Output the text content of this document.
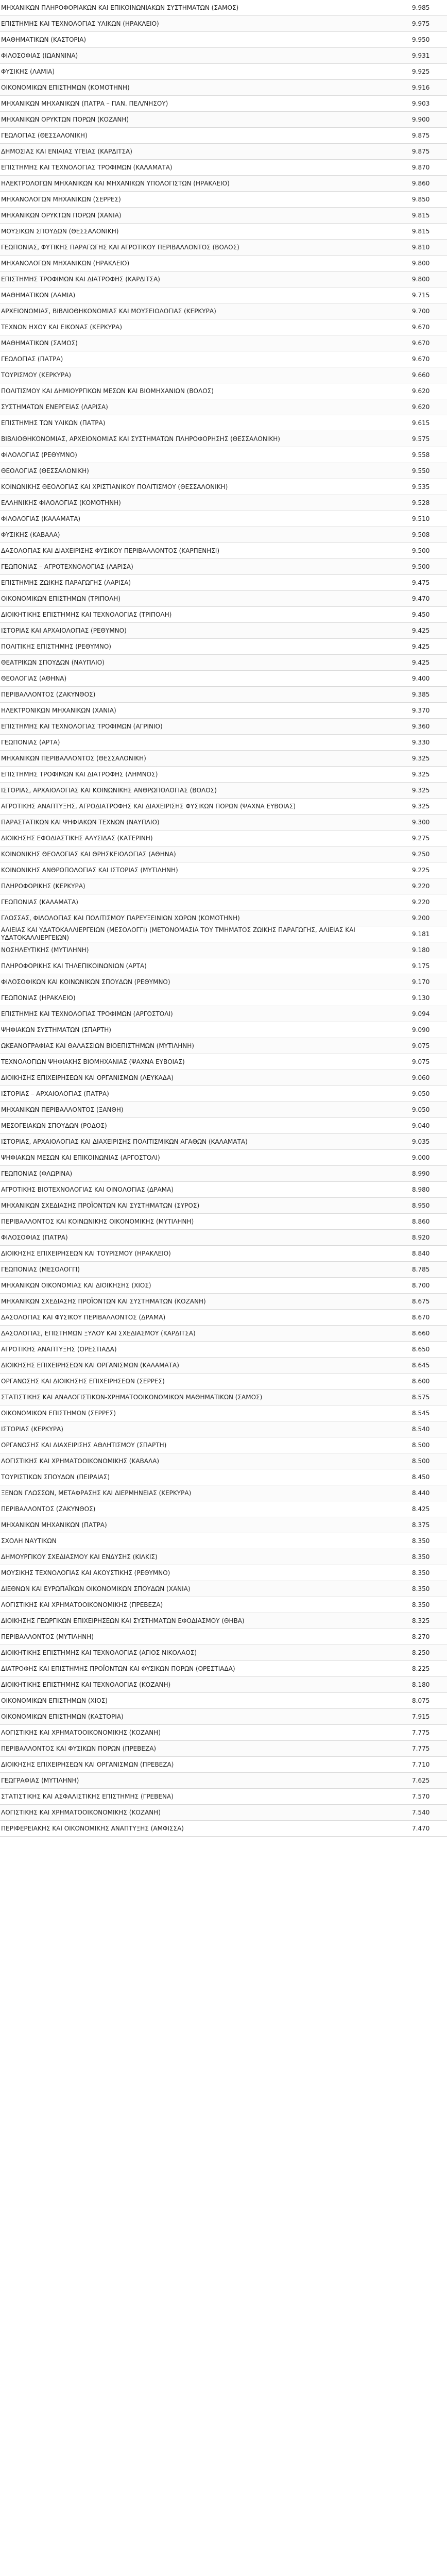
ΜΗΧΑΝΙΚΩΝ ΠΛΗΡΟΦΟΡΙΑΚΩΝ ΚΑΙ ΕΠΙΚΟΙΝΩΝΙΑΚΩΝ ΣΥΣΤΗΜΑΤΩΝ (ΣΑΜΟΣ)	9.985
ΕΠΙΣΤΗΜΗΣ ΚΑΙ ΤΕΧΝΟΛΟΓΙΑΣ ΥΛΙΚΩΝ (ΗΡΑΚΛΕΙΟ)	9.975
ΜΑΘΗΜΑΤΙΚΩΝ (ΚΑΣΤΟΡΙΑ)	9.950
ΦΙΛΟΣΟΦΙΑΣ (ΙΩΑΝΝΙΝΑ)	9.931
ΦΥΣΙΚΗΣ (ΛΑΜΙΑ)	9.925
ΟΙΚΟΝΟΜΙΚΩΝ ΕΠΙΣΤΗΜΩΝ (ΚΟΜΟΤΗΝΗ)	9.916
ΜΗΧΑΝΙΚΩΝ ΜΗΧΑΝΙΚΩΝ (ΠΑΤΡΑ – ΠΑΝ. ΠΕΛ/ΝΗΣΟΥ)	9.903
ΜΗΧΑΝΙΚΩΝ ΟΡΥΚΤΩΝ ΠΟΡΩΝ (ΚΟΖΑΝΗ)	9.900
ΓΕΩΛΟΓΙΑΣ (ΘΕΣΣΑΛΟΝΙΚΗ)	9.875
ΔΗΜΟΣΙΑΣ ΚΑΙ ΕΝΙΑΙΑΣ ΥΓΕΙΑΣ (ΚΑΡΔΙΤΣΑ)	9.875
ΕΠΙΣΤΗΜΗΣ ΚΑΙ ΤΕΧΝΟΛΟΓΙΑΣ ΤΡΟΦΙΜΩΝ (ΚΑΛΑΜΑΤΑ)	9.870
ΗΛΕΚΤΡΟΛΟΓΩΝ ΜΗΧΑΝΙΚΩΝ ΚΑΙ ΜΗΧΑΝΙΚΩΝ ΥΠΟΛΟΓΙΣΤΩΝ (ΗΡΑΚΛΕΙΟ)	9.860
ΜΗΧΑΝΟΛΟΓΩΝ ΜΗΧΑΝΙΚΩΝ (ΣΕΡΡΕΣ)	9.850
ΜΗΧΑΝΙΚΩΝ ΟΡΥΚΤΩΝ ΠΟΡΩΝ (ΧΑΝΙΑ)	9.815
ΜΟΥΣΙΚΩΝ ΣΠΟΥΔΩΝ (ΘΕΣΣΑΛΟΝΙΚΗ)	9.815
ΓΕΩΠΟΝΙΑΣ, ΦΥΤΙΚΗΣ ΠΑΡΑΓΩΓΗΣ ΚΑΙ ΑΓΡΟΤΙΚΟΥ ΠΕΡΙΒΑΛΛΟΝΤΟΣ (ΒΟΛΟΣ)	9.810
ΜΗΧΑΝΟΛΟΓΩΝ ΜΗΧΑΝΙΚΩΝ (ΗΡΑΚΛΕΙΟ)	9.800
ΕΠΙΣΤΗΜΗΣ ΤΡΟΦΙΜΩΝ ΚΑΙ ΔΙΑΤΡΟΦΗΣ (ΚΑΡΔΙΤΣΑ)	9.800
ΜΑΘΗΜΑΤΙΚΩΝ (ΛΑΜΙΑ)	9.715
ΑΡΧΕΙΟΝΟΜΙΑΣ, ΒΙΒΛΙΟΘΗΚΟΝΟΜΙΑΣ ΚΑΙ ΜΟΥΣΕΙΟΛΟΓΙΑΣ (ΚΕΡΚΥΡΑ)	9.700
ΤΕΧΝΩΝ ΗΧΟΥ ΚΑΙ ΕΙΚΟΝΑΣ (ΚΕΡΚΥΡΑ)	9.670
ΜΑΘΗΜΑΤΙΚΩΝ (ΣΑΜΟΣ)	9.670
ΓΕΩΛΟΓΙΑΣ (ΠΑΤΡΑ)	9.670
ΤΟΥΡΙΣΜΟΥ (ΚΕΡΚΥΡΑ)	9.660
ΠΟΛΙΤΙΣΜΟΥ ΚΑΙ ΔΗΜΙΟΥΡΓΙΚΩΝ ΜΕΣΩΝ ΚΑΙ ΒΙΟΜΗΧΑΝΙΩΝ (ΒΟΛΟΣ)	9.620
ΣΥΣΤΗΜΑΤΩΝ ΕΝΕΡΓΕΙΑΣ (ΛΑΡΙΣΑ)	9.620
ΕΠΙΣΤΗΜΗΣ ΤΩΝ ΥΛΙΚΩΝ (ΠΑΤΡΑ)	9.615
ΒΙΒΛΙΟΘΗΚΟΝΟΜΙΑΣ, ΑΡΧΕΙΟΝΟΜΙΑΣ ΚΑΙ ΣΥΣΤΗΜΑΤΩΝ ΠΛΗΡΟΦΟΡΗΣΗΣ (ΘΕΣΣΑΛΟΝΙΚΗ)	9.575
ΦΙΛΟΛΟΓΙΑΣ (ΡΕΘΥΜΝΟ)	9.558
ΘΕΟΛΟΓΙΑΣ (ΘΕΣΣΑΛΟΝΙΚΗ)	9.550
ΚΟΙΝΩΝΙΚΗΣ ΘΕΟΛΟΓΙΑΣ ΚΑΙ ΧΡΙΣΤΙΑΝΙΚΟΥ ΠΟΛΙΤΙΣΜΟΥ (ΘΕΣΣΑΛΟΝΙΚΗ)	9.535
ΕΛΛΗΝΙΚΗΣ ΦΙΛΟΛΟΓΙΑΣ (ΚΟΜΟΤΗΝΗ)	9.528
ΦΙΛΟΛΟΓΙΑΣ (ΚΑΛΑΜΑΤΑ)	9.510
ΦΥΣΙΚΗΣ (ΚΑΒΑΛΑ)	9.508
ΔΑΣΟΛΟΓΙΑΣ ΚΑΙ ΔΙΑΧΕΙΡΙΣΗΣ ΦΥΣΙΚΟΥ ΠΕΡΙΒΑΛΛΟΝΤΟΣ (ΚΑΡΠΕΝΗΣΙ)	9.500
ΓΕΩΠΟΝΙΑΣ – ΑΓΡΟΤΕΧΝΟΛΟΓΙΑΣ (ΛΑΡΙΣΑ)	9.500
ΕΠΙΣΤΗΜΗΣ ΖΩΙΚΗΣ ΠΑΡΑΓΩΓΗΣ (ΛΑΡΙΣΑ)	9.475
ΟΙΚΟΝΟΜΙΚΩΝ ΕΠΙΣΤΗΜΩΝ (ΤΡΙΠΟΛΗ)	9.470
ΔΙΟΙΚΗΤΙΚΗΣ ΕΠΙΣΤΗΜΗΣ ΚΑΙ ΤΕΧΝΟΛΟΓΙΑΣ (ΤΡΙΠΟΛΗ)	9.450
ΙΣΤΟΡΙΑΣ ΚΑΙ ΑΡΧΑΙΟΛΟΓΙΑΣ (ΡΕΘΥΜΝΟ)	9.425
ΠΟΛΙΤΙΚΗΣ ΕΠΙΣΤΗΜΗΣ (ΡΕΘΥΜΝΟ)	9.425
ΘΕΑΤΡΙΚΩΝ ΣΠΟΥΔΩΝ (ΝΑΥΠΛΙΟ)	9.425
ΘΕΟΛΟΓΙΑΣ (ΑΘΗΝΑ)	9.400
ΠΕΡΙΒΑΛΛΟΝΤΟΣ (ΖΑΚΥΝΘΟΣ)	9.385
ΗΛΕΚΤΡΟΝΙΚΩΝ ΜΗΧΑΝΙΚΩΝ (ΧΑΝΙΑ)	9.370
ΕΠΙΣΤΗΜΗΣ ΚΑΙ ΤΕΧΝΟΛΟΓΙΑΣ ΤΡΟΦΙΜΩΝ (ΑΓΡΙΝΙΟ)	9.360
ΓΕΩΠΟΝΙΑΣ (ΑΡΤΑ)	9.330
ΜΗΧΑΝΙΚΩΝ ΠΕΡΙΒΑΛΛΟΝΤΟΣ (ΘΕΣΣΑΛΟΝΙΚΗ)	9.325
ΕΠΙΣΤΗΜΗΣ ΤΡΟΦΙΜΩΝ ΚΑΙ ΔΙΑΤΡΟΦΗΣ (ΛΗΜΝΟΣ)	9.325
ΙΣΤΟΡΙΑΣ, ΑΡΧΑΙΟΛΟΓΙΑΣ ΚΑΙ ΚΟΙΝΩΝΙΚΗΣ ΑΝΘΡΩΠΟΛΟΓΙΑΣ (ΒΟΛΟΣ)	9.325
ΑΓΡΟΤΙΚΗΣ ΑΝΑΠΤΥΞΗΣ, ΑΓΡΟΔΙΑΤΡΟΦΗΣ ΚΑΙ ΔΙΑΧΕΙΡΙΣΗΣ ΦΥΣΙΚΩΝ ΠΟΡΩΝ (ΨΑΧΝΑ ΕΥΒΟΙΑΣ)	9.325
ΠΑΡΑΣΤΑΤΙΚΩΝ ΚΑΙ ΨΗΦΙΑΚΩΝ ΤΕΧΝΩΝ (ΝΑΥΠΛΙΟ)	9.300
ΔΙΟΙΚΗΣΗΣ ΕΦΟΔΙΑΣΤΙΚΗΣ ΑΛΥΣΙΔΑΣ (ΚΑΤΕΡΙΝΗ)	9.275
ΚΟΙΝΩΝΙΚΗΣ ΘΕΟΛΟΓΙΑΣ ΚΑΙ ΘΡΗΣΚΕΙΟΛΟΓΙΑΣ (ΑΘΗΝΑ)	9.250
ΚΟΙΝΩΝΙΚΗΣ ΑΝΘΡΩΠΟΛΟΓΙΑΣ ΚΑΙ ΙΣΤΟΡΙΑΣ (ΜΥΤΙΛΗΝΗ)	9.225
ΠΛΗΡΟΦΟΡΙΚΗΣ (ΚΕΡΚΥΡΑ)	9.220
ΓΕΩΠΟΝΙΑΣ (ΚΑΛΑΜΑΤΑ)	9.220
ΓΛΩΣΣΑΣ, ΦΙΛΟΛΟΓΙΑΣ ΚΑΙ ΠΟΛΙΤΙΣΜΟΥ ΠΑΡΕΥΞΕΙΝΙΩΝ ΧΩΡΩΝ (ΚΟΜΟΤΗΝΗ)	9.200
ΑΛΙΕΙΑΣ ΚΑΙ ΥΔΑΤΟΚΑΛΛΙΕΡΓΕΙΩΝ (ΜΕΣΟΛΟΓΓΙ) (ΜΕΤΟΝΟΜΑΣΙΑ ΤΟΥ ΤΜΗΜΑΤΟΣ ΖΩΙΚΗΣ ΠΑΡΑΓΩΓΗΣ, ΑΛΙΕΙΑΣ ΚΑΙ ΥΔΑΤΟΚΑΛΛΙΕΡΓΕΙΩΝ)	9.181
ΝΟΣΗΛΕΥΤΙΚΗΣ (ΜΥΤΙΛΗΝΗ)	9.180
ΠΛΗΡΟΦΟΡΙΚΗΣ ΚΑΙ ΤΗΛΕΠΙΚΟΙΝΩΝΙΩΝ (ΑΡΤΑ)	9.175
ΦΙΛΟΣΟΦΙΚΩΝ ΚΑΙ ΚΟΙΝΩΝΙΚΩΝ ΣΠΟΥΔΩΝ (ΡΕΘΥΜΝΟ)	9.170
ΓΕΩΠΟΝΙΑΣ (ΗΡΑΚΛΕΙΟ)	9.130
ΕΠΙΣΤΗΜΗΣ ΚΑΙ ΤΕΧΝΟΛΟΓΙΑΣ ΤΡΟΦΙΜΩΝ (ΑΡΓΟΣΤΟΛΙ)	9.094
ΨΗΦΙΑΚΩΝ ΣΥΣΤΗΜΑΤΩΝ (ΣΠΑΡΤΗ)	9.090
ΩΚΕΑΝΟΓΡΑΦΙΑΣ ΚΑΙ ΘΑΛΑΣΣΙΩΝ ΒΙΟΕΠΙΣΤΗΜΩΝ (ΜΥΤΙΛΗΝΗ)	9.075
ΤΕΧΝΟΛΟΓΙΩΝ ΨΗΦΙΑΚΗΣ ΒΙΟΜΗΧΑΝΙΑΣ (ΨΑΧΝΑ ΕΥΒΟΙΑΣ)	9.075
ΔΙΟΙΚΗΣΗΣ ΕΠΙΧΕΙΡΗΣΕΩΝ ΚΑΙ ΟΡΓΑΝΙΣΜΩΝ (ΛΕΥΚΑΔΑ)	9.060
ΙΣΤΟΡΙΑΣ – ΑΡΧΑΙΟΛΟΓΙΑΣ (ΠΑΤΡΑ)	9.050
ΜΗΧΑΝΙΚΩΝ ΠΕΡΙΒΑΛΛΟΝΤΟΣ (ΞΑΝΘΗ)	9.050
ΜΕΣΟΓΕΙΑΚΩΝ ΣΠΟΥΔΩΝ (ΡΟΔΟΣ)	9.040
ΙΣΤΟΡΙΑΣ, ΑΡΧΑΙΟΛΟΓΙΑΣ ΚΑΙ ΔΙΑΧΕΙΡΙΣΗΣ ΠΟΛΙΤΙΣΜΙΚΩΝ ΑΓΑΘΩΝ (ΚΑΛΑΜΑΤΑ)	9.035
ΨΗΦΙΑΚΩΝ ΜΕΣΩΝ ΚΑΙ ΕΠΙΚΟΙΝΩΝΙΑΣ (ΑΡΓΟΣΤΟΛΙ)	9.000
ΓΕΩΠΟΝΙΑΣ (ΦΛΩΡΙΝΑ)	8.990
ΑΓΡΟΤΙΚΗΣ ΒΙΟΤΕΧΝΟΛΟΓΙΑΣ ΚΑΙ ΟΙΝΟΛΟΓΙΑΣ (ΔΡΑΜΑ)	8.980
ΜΗΧΑΝΙΚΩΝ ΣΧΕΔΙΑΣΗΣ ΠΡΟΪΟΝΤΩΝ ΚΑΙ ΣΥΣΤΗΜΑΤΩΝ (ΣΥΡΟΣ)	8.950
ΠΕΡΙΒΑΛΛΟΝΤΟΣ ΚΑΙ ΚΟΙΝΩΝΙΚΗΣ ΟΙΚΟΝΟΜΙΚΗΣ (ΜΥΤΙΛΗΝΗ)	8.860
ΦΙΛΟΣΟΦΙΑΣ (ΠΑΤΡΑ)	8.920
ΔΙΟΙΚΗΣΗΣ ΕΠΙΧΕΙΡΗΣΕΩΝ ΚΑΙ ΤΟΥΡΙΣΜΟΥ (ΗΡΑΚΛΕΙΟ)	8.840
ΓΕΩΠΟΝΙΑΣ (ΜΕΣΟΛΟΓΓΙ)	8.785
ΜΗΧΑΝΙΚΩΝ ΟΙΚΟΝΟΜΙΑΣ ΚΑΙ ΔΙΟΙΚΗΣΗΣ (ΧΙΟΣ)	8.700
ΜΗΧΑΝΙΚΩΝ ΣΧΕΔΙΑΣΗΣ ΠΡΟΪΟΝΤΩΝ ΚΑΙ ΣΥΣΤΗΜΑΤΩΝ (ΚΟΖΑΝΗ)	8.675
ΔΑΣΟΛΟΓΙΑΣ ΚΑΙ ΦΥΣΙΚΟΥ ΠΕΡΙΒΑΛΛΟΝΤΟΣ (ΔΡΑΜΑ)	8.670
ΔΑΣΟΛΟΓΙΑΣ, ΕΠΙΣΤΗΜΩΝ ΞΥΛΟΥ ΚΑΙ ΣΧΕΔΙΑΣΜΟΥ (ΚΑΡΔΙΤΣΑ)	8.660
ΑΓΡΟΤΙΚΗΣ ΑΝΑΠΤΥΞΗΣ (ΟΡΕΣΤΙΑΔΑ)	8.650
ΔΙΟΙΚΗΣΗΣ ΕΠΙΧΕΙΡΗΣΕΩΝ ΚΑΙ ΟΡΓΑΝΙΣΜΩΝ (ΚΑΛΑΜΑΤΑ)	8.645
ΟΡΓΑΝΩΣΗΣ ΚΑΙ ΔΙΟΙΚΗΣΗΣ ΕΠΙΧΕΙΡΗΣΕΩΝ (ΣΕΡΡΕΣ)	8.600
ΣΤΑΤΙΣΤΙΚΗΣ ΚΑΙ ΑΝΑΛΟΓΙΣΤΙΚΩΝ-ΧΡΗΜΑΤΟΟΙΚΟΝΟΜΙΚΩΝ ΜΑΘΗΜΑΤΙΚΩΝ (ΣΑΜΟΣ)	8.575
ΟΙΚΟΝΟΜΙΚΩΝ ΕΠΙΣΤΗΜΩΝ (ΣΕΡΡΕΣ)	8.545
ΙΣΤΟΡΙΑΣ (ΚΕΡΚΥΡΑ)	8.540
ΟΡΓΑΝΩΣΗΣ ΚΑΙ ΔΙΑΧΕΙΡΙΣΗΣ ΑΘΛΗΤΙΣΜΟΥ (ΣΠΑΡΤΗ)	8.500
ΛΟΓΙΣΤΙΚΗΣ ΚΑΙ ΧΡΗΜΑΤΟΟΙΚΟΝΟΜΙΚΗΣ (ΚΑΒΑΛΑ)	8.500
ΤΟΥΡΙΣΤΙΚΩΝ ΣΠΟΥΔΩΝ (ΠΕΙΡΑΙΑΣ)	8.450
ΞΕΝΩΝ ΓΛΩΣΣΩΝ, ΜΕΤΑΦΡΑΣΗΣ ΚΑΙ ΔΙΕΡΜΗΝΕΙΑΣ (ΚΕΡΚΥΡΑ)	8.440
ΠΕΡΙΒΑΛΛΟΝΤΟΣ (ΖΑΚΥΝΘΟΣ)	8.425
ΜΗΧΑΝΙΚΩΝ ΜΗΧΑΝΙΚΩΝ (ΠΑΤΡΑ)	8.375
ΣΧΟΛΗ ΝΑΥΤΙΚΩΝ	8.350
ΔΗΜΟΥΡΓΙΚΟΥ ΣΧΕΔΙΑΣΜΟΥ ΚΑΙ ΕΝΔΥΣΗΣ (ΚΙΛΚΙΣ)	8.350
ΜΟΥΣΙΚΗΣ ΤΕΧΝΟΛΟΓΙΑΣ ΚΑΙ ΑΚΟΥΣΤΙΚΗΣ (ΡΕΘΥΜΝΟ)	8.350
ΔΙΕΘΝΩΝ ΚΑΙ ΕΥΡΩΠΑΪΚΩΝ ΟΙΚΟΝΟΜΙΚΩΝ ΣΠΟΥΔΩΝ (ΧΑΝΙΑ)	8.350
ΛΟΓΙΣΤΙΚΗΣ ΚΑΙ ΧΡΗΜΑΤΟΟΙΚΟΝΟΜΙΚΗΣ (ΠΡΕΒΕΖΑ)	8.350
ΔΙΟΙΚΗΣΗΣ ΓΕΩΡΓΙΚΩΝ ΕΠΙΧΕΙΡΗΣΕΩΝ ΚΑΙ ΣΥΣΤΗΜΑΤΩΝ ΕΦΟΔΙΑΣΜΟΥ (ΘΗΒΑ)	8.325
ΠΕΡΙΒΑΛΛΟΝΤΟΣ (ΜΥΤΙΛΗΝΗ)	8.270
ΔΙΟΙΚΗΤΙΚΗΣ ΕΠΙΣΤΗΜΗΣ ΚΑΙ ΤΕΧΝΟΛΟΓΙΑΣ (ΑΓΙΟΣ ΝΙΚΟΛΑΟΣ)	8.250
ΔΙΑΤΡΟΦΗΣ ΚΑΙ ΕΠΙΣΤΗΜΗΣ ΠΡΟΪΟΝΤΩΝ ΚΑΙ ΦΥΣΙΚΩΝ ΠΟΡΩΝ (ΟΡΕΣΤΙΑΔΑ)	8.225
ΔΙΟΙΚΗΤΙΚΗΣ ΕΠΙΣΤΗΜΗΣ ΚΑΙ ΤΕΧΝΟΛΟΓΙΑΣ (ΚΟΖΑΝΗ)	8.180
ΟΙΚΟΝΟΜΙΚΩΝ ΕΠΙΣΤΗΜΩΝ (ΧΙΟΣ)	8.075
ΟΙΚΟΝΟΜΙΚΩΝ ΕΠΙΣΤΗΜΩΝ (ΚΑΣΤΟΡΙΑ)	7.915
ΛΟΓΙΣΤΙΚΗΣ ΚΑΙ ΧΡΗΜΑΤΟΟΙΚΟΝΟΜΙΚΗΣ (ΚΟΖΑΝΗ)	7.775
ΠΕΡΙΒΑΛΛΟΝΤΟΣ ΚΑΙ ΦΥΣΙΚΩΝ ΠΟΡΩΝ (ΠΡΕΒΕΖΑ)	7.775
ΔΙΟΙΚΗΣΗΣ ΕΠΙΧΕΙΡΗΣΕΩΝ ΚΑΙ ΟΡΓΑΝΙΣΜΩΝ (ΠΡΕΒΕΖΑ)	7.710
ΓΕΩΓΡΑΦΙΑΣ (ΜΥΤΙΛΗΝΗ)	7.625
ΣΤΑΤΙΣΤΙΚΗΣ ΚΑΙ ΑΣΦΑΛΙΣΤΙΚΗΣ ΕΠΙΣΤΗΜΗΣ (ΓΡΕΒΕΝΑ)	7.570
ΛΟΓΙΣΤΙΚΗΣ ΚΑΙ ΧΡΗΜΑΤΟΟΙΚΟΝΟΜΙΚΗΣ (ΚΟΖΑΝΗ)	7.540
ΠΕΡΙΦΕΡΕΙΑΚΗΣ ΚΑΙ ΟΙΚΟΝΟΜΙΚΗΣ ΑΝΑΠΤΥΞΗΣ (ΑΜΦΙΣΣΑ)	7.470
